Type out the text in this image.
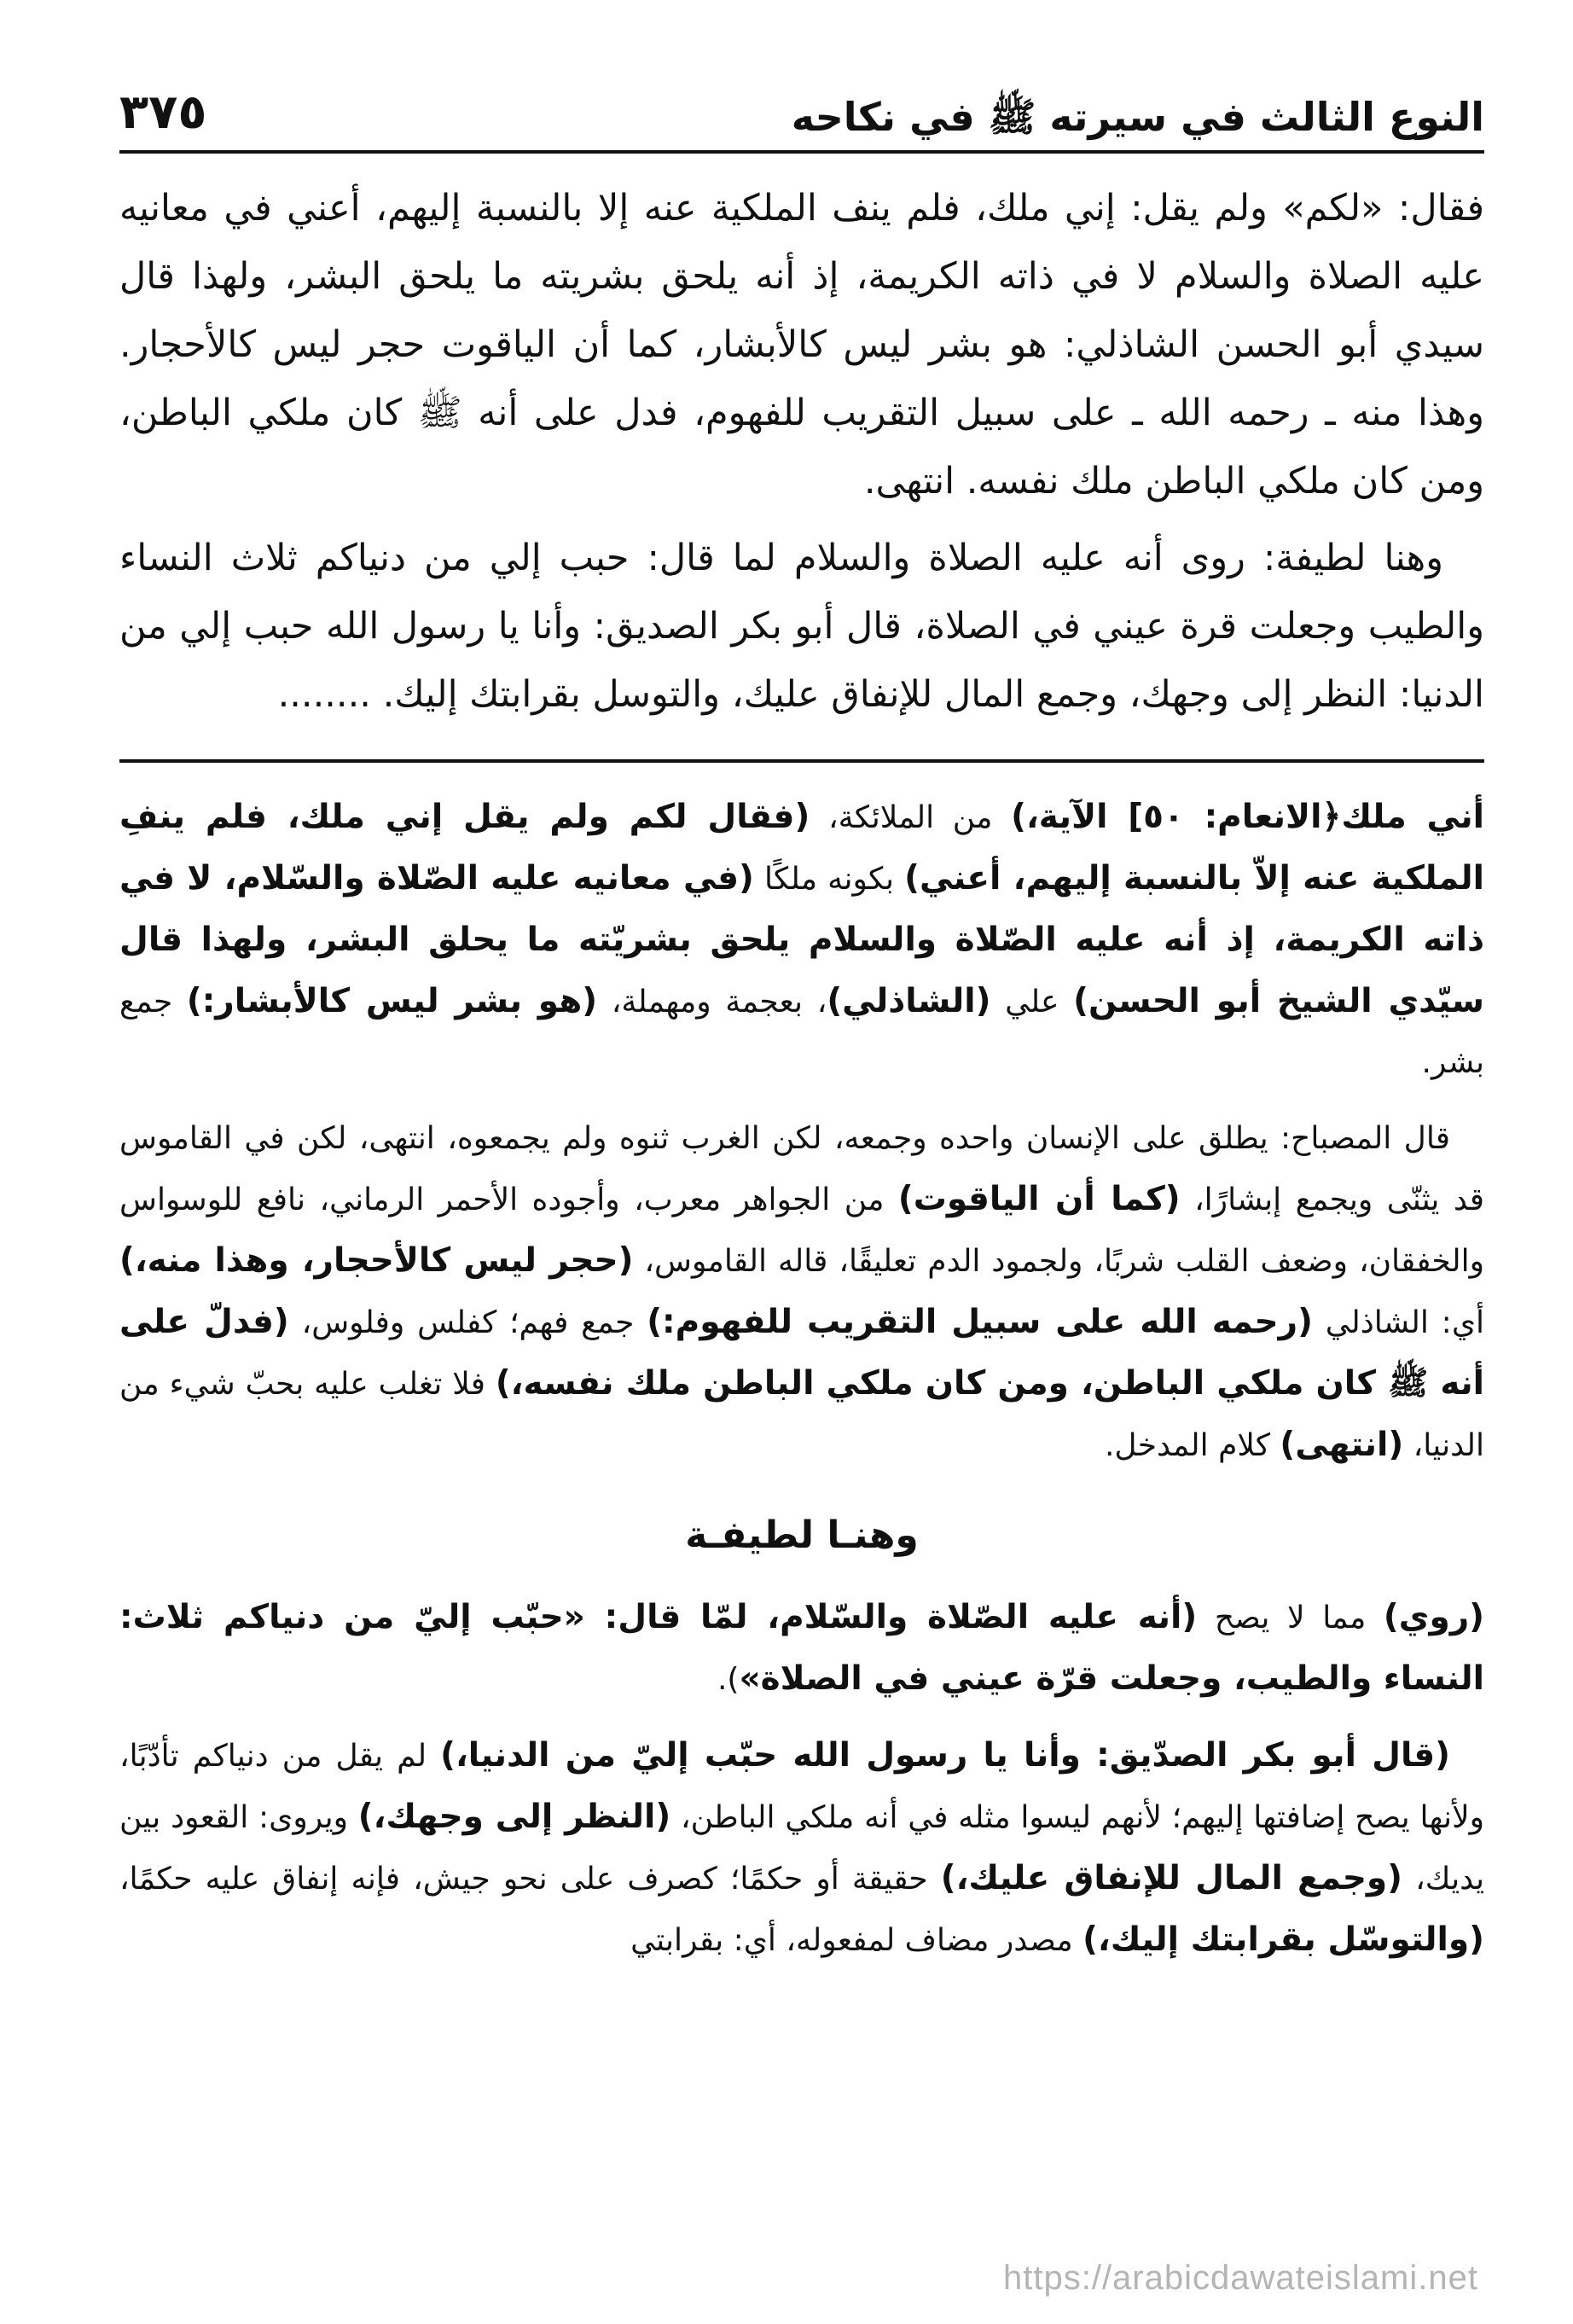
النوع الثالث في سيرته ﷺ في نكاحه
٣٧٥

فقال: «لكم» ولم يقل: إني ملك، فلم ينف الملكية عنه إلا بالنسبة إليهم، أعني في معانيه عليه الصلاة والسلام لا في ذاته الكريمة، إذ أنه يلحق بشريته ما يلحق البشر، ولهذا قال سيدي أبو الحسن الشاذلي: هو بشر ليس كالأبشار، كما أن الياقوت حجر ليس كالأحجار. وهذا منه ـ رحمه الله ـ على سبيل التقريب للفهوم، فدل على أنه ﷺ كان ملكي الباطن، ومن كان ملكي الباطن ملك نفسه. انتهى.

وهنا لطيفة: روى أنه عليه الصلاة والسلام لما قال: حبب إلي من دنياكم ثلاث النساء والطيب وجعلت قرة عيني في الصلاة، قال أبو بكر الصديق: وأنا يا رسول الله حبب إلي من الدنيا: النظر إلى وجهك، وجمع المال للإنفاق عليك، والتوسل بقرابتك إليك. ........

أني ملك﴿الانعام: ٥٠] الآية،) من الملائكة، (فقال لكم ولم يقل إني ملك، فلم ينفِ الملكية عنه إلاّ بالنسبة إليهم، أعني) بكونه ملكًا (في معانيه عليه الصّلاة والسّلام، لا في ذاته الكريمة، إذ أنه عليه الصّلاة والسلام يلحق بشريّته ما يحلق البشر، ولهذا قال سيّدي الشيخ أبو الحسن) علي (الشاذلي)، بعجمة ومهملة، (هو بشر ليس كالأبشار:) جمع بشر.

قال المصباح: يطلق على الإنسان واحده وجمعه، لكن الغرب ثنوه ولم يجمعوه، انتهى، لكن في القاموس قد يثنّى ويجمع إبشارًا، (كما أن الياقوت) من الجواهر معرب، وأجوده الأحمر الرماني، نافع للوسواس والخفقان، وضعف القلب شربًا، ولجمود الدم تعليقًا، قاله القاموس، (حجر ليس كالأحجار، وهذا منه،) أي: الشاذلي (رحمه الله على سبيل التقريب للفهوم:) جمع فهم؛ كفلس وفلوس، (فدلّ على أنه ﷺ كان ملكي الباطن، ومن كان ملكي الباطن ملك نفسه،) فلا تغلب عليه بحبّ شيء من الدنيا، (انتهى) كلام المدخل.

وهنـا لطيفـة

(روي) مما لا يصح (أنه عليه الصّلاة والسّلام، لمّا قال: «حبّب إليّ من دنياكم ثلاث: النساء والطيب، وجعلت قرّة عيني في الصلاة»).

(قال أبو بكر الصدّيق: وأنا يا رسول الله حبّب إليّ من الدنيا،) لم يقل من دنياكم تأدّبًا، ولأنها يصح إضافتها إليهم؛ لأنهم ليسوا مثله في أنه ملكي الباطن، (النظر إلى وجهك،) ويروى: القعود بين يديك، (وجمع المال للإنفاق عليك،) حقيقة أو حكمًا؛ كصرف على نحو جيش، فإنه إنفاق عليه حكمًا، (والتوسّل بقرابتك إليك،) مصدر مضاف لمفعوله، أي: بقرابتي

https://arabicdawateislami.net
